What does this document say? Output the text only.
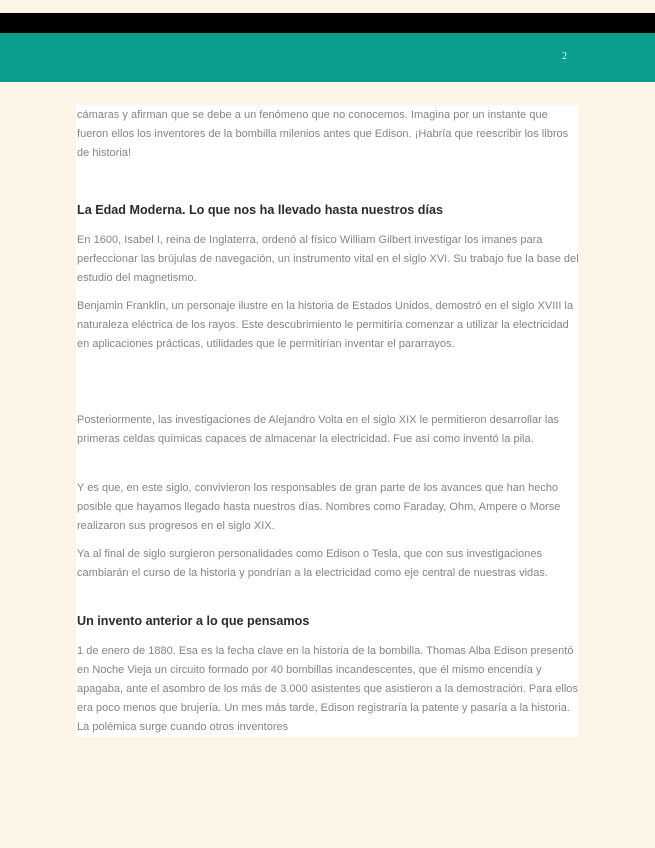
2

cámaras y afirman que se debe a un fenómeno que no conocemos. Imagina por un instante que fueron ellos los inventores de la bombilla milenios antes que Edison. ¡Habría que reescribir los libros de historia!

La Edad Moderna. Lo que nos ha llevado hasta nuestros días

En 1600, Isabel I, reina de Inglaterra, ordenó al físico William Gilbert investigar los imanes para perfeccionar las brújulas de navegación, un instrumento vital en el siglo XVI. Su trabajo fue la base del estudio del magnetismo.

Benjamin Franklin, un personaje ilustre en la historia de Estados Unidos, demostró en el siglo XVIII la naturaleza eléctrica de los rayos. Este descubrimiento le permitiría comenzar a utilizar la electricidad en aplicaciones prácticas, utilidades que le permitirían inventar el pararrayos.

Posteriormente, las investigaciones de Alejandro Volta en el siglo XIX le permitieron desarrollar las primeras celdas químicas capaces de almacenar la electricidad. Fue así como inventó la pila.

Y es que, en este siglo, convivieron los responsables de gran parte de los avances que han hecho posible que hayamos llegado hasta nuestros días. Nombres como Faraday, Ohm, Ampere o Morse realizaron sus progresos en el siglo XIX.

Ya al final de siglo surgieron personalidades como Edison o Tesla, que con sus investigaciones cambiarán el curso de la historia y pondrían a la electricidad como eje central de nuestras vidas.

Un invento anterior a lo que pensamos

1 de enero de 1880. Esa es la fecha clave en la historia de la bombilla. Thomas Alba Edison presentó en Noche Vieja un circuito formado por 40 bombillas incandescentes, que él mismo encendía y apagaba, ante el asombro de los más de 3.000 asistentes que asistieron a la demostración. Para ellos era poco menos que brujería. Un mes más tarde, Edison registraría la patente y pasaría a la historia. La polémica surge cuando otros inventores
